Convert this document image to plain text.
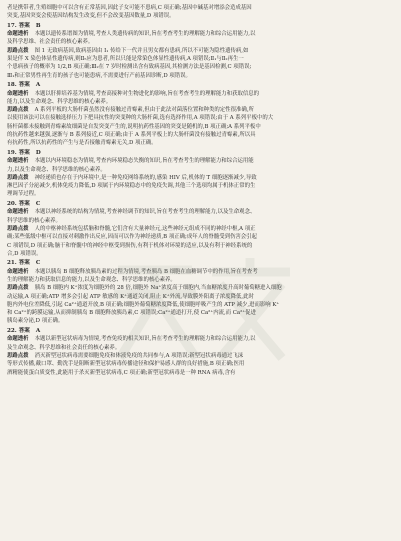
者是携带者,生殖细胞中可以含有正常基因,因此子女可能不患病,C 项正确;基因中碱基对增添会造成基因
突变,基因突变会使基因结构发生改变,但不会改变基因数量,D 项错误。

17. 答案 B

命题透析 本题以遗传系谱图为情境,考查人类遗传病的知识,旨在考查考生的理解能力和综合运用能力,以
及科学思维、社会责任的核心素养。

思路点拨 图 1 无致病基因,致病基因由 I₁ 传给下一代并且男女都有患病,所以不可能为隐性遗传病,如
果是伴 X 染色体显性遗传病,则Ⅱ₅应为患者,所以只能是常染色体显性遗传病,A 项错误;Ⅱ₁与Ⅱ₂再生一
个患病孩子的概率为 1/2,B 项正确;Ⅲ₂在 7 岁时检测出含有致病基因,其检测方法是基因检测,C 项错误;
Ⅲ₁和正常男性再生育的孩子也可能患病,不需要进行产前基因诊断,D 项错误。

18. 答案 A

命题透析 本题以肝抑培养基为情境,考查高接种对生物进化的影响,旨在考查考生的理解能力和获取信息的
能力,以及生命观念、科学思维的核心素养。

思路点拨 A 系列平板的大肠杆菌虽然没有接触过青霉素,但由于此法对菌落位置和种类的定性很准确,所
以使用该法可以在接触选择压力下把具抗性的突变种的大肠杆菌,选有选择作用,A 项错误;由于 A 系列平板中的大
肠杆菌都未接触到青霉素故细菌是自发突变产生的,说明抗药性基因的突变是随机的,B 项正确;A 系列平板中
的抗药性越来越强,逐渐与 B 系列接近,C 项正确;由于 A 系列平板上的大肠杆菌没有接触过青霉素,所以具
有抗药性,所以抗药性的产生与是否接触青霉素无关,D 项正确。

19. 答案 D

命题透析 本题以内环境稳态为情境,考查内环境稳态失衡的知识,旨在考查考生的理解能力和综合运用能
力,以及生命观念、科学思维的核心素养。

思路点拨 神经递质也存在于内环境中,是一种免疫网络系统的,感染 HIV 后,机体的 T 细胞逐渐减少,导致
淋巴因子分泌减少,机体免疫力降低,D 项属于内环境稳态中的免疫失调,其他三个选项均属于机体正常的生
理调节过程。

20. 答案 C

命题透析 本题以神经系统的结构为情境,考查神经调节的知识,旨在考查考生的理解能力,以及生命观念、
科学思维的核心素养。

思路点拨 人的中枢神经系统包括脑和脊髓,它们含有大量神经元,这些神经元组成不同的神经中枢,A 项正
确;某些低级中枢可以直接对刺激作出反应,因而可以作为神经递质,B 项正确;成年人的脊髓受到伤害会引起
C 项错误,D 项正确;脑干和脊髓中的神经中枢受到损伤,有利于机体对环境的适应,以及有利于神经系统的
合,D 项错误。

21. 答案 C

命题透析 本题以胰岛 B 细胞释放胰岛素的过程为情境,考查胰岛 B 细胞在血糖调节中的作用,旨在考查考
生的理解能力和获取信息的能力,以及生命观念、科学思维的核心素养。

思路点拨 胰岛 B 细胞内 K⁺浓度为细胞外的 28 倍,细胞外 Na⁺浓度高于细胞内,当血糖浓度升高时葡萄糖进入细胞
动运输,A 项正确;ATP 增多会引起 ATP 敏感的 K⁺通道关闭,阻止 K⁺外流,导致膜外阳离子浓度降低,此时
胞内外电位差降低,引起 Ca²⁺通道开放,B 项正确;细胞外葡萄糖浓度降低,使细胞呼吸产生的 ATP 减少,进而影响 K⁺
和 Ca²⁺的跨膜运输,从而抑制胰岛 B 细胞释放胰岛素,C 项错误;Ca²⁺通道打开,使 Ca²⁺内流,而 Ca²⁺促进
胰岛素分泌,D 项正确。

22. 答案 A

命题透析 本题以新型冠状病毒为情境,考查免疫的相关知识,旨在考查考生的理解能力和综合运用能力,以
及生命观念、科学思维和社会责任的核心素养。

思路点拨 消灭新型冠状病毒需要细胞免疫和体液免疫的共同参与,A 项错误;新型冠状病毒通过飞沫
等形式传播,戴口罩、勤洗手是阻断新型冠状病毒传播途径和保护易感人群的良好措施,B 项正确;医用
酒精能使蛋白质变性,此能用于杀灭新型冠状病毒,C 项正确;新型冠状病毒是一种 RNA 病毒,含有
